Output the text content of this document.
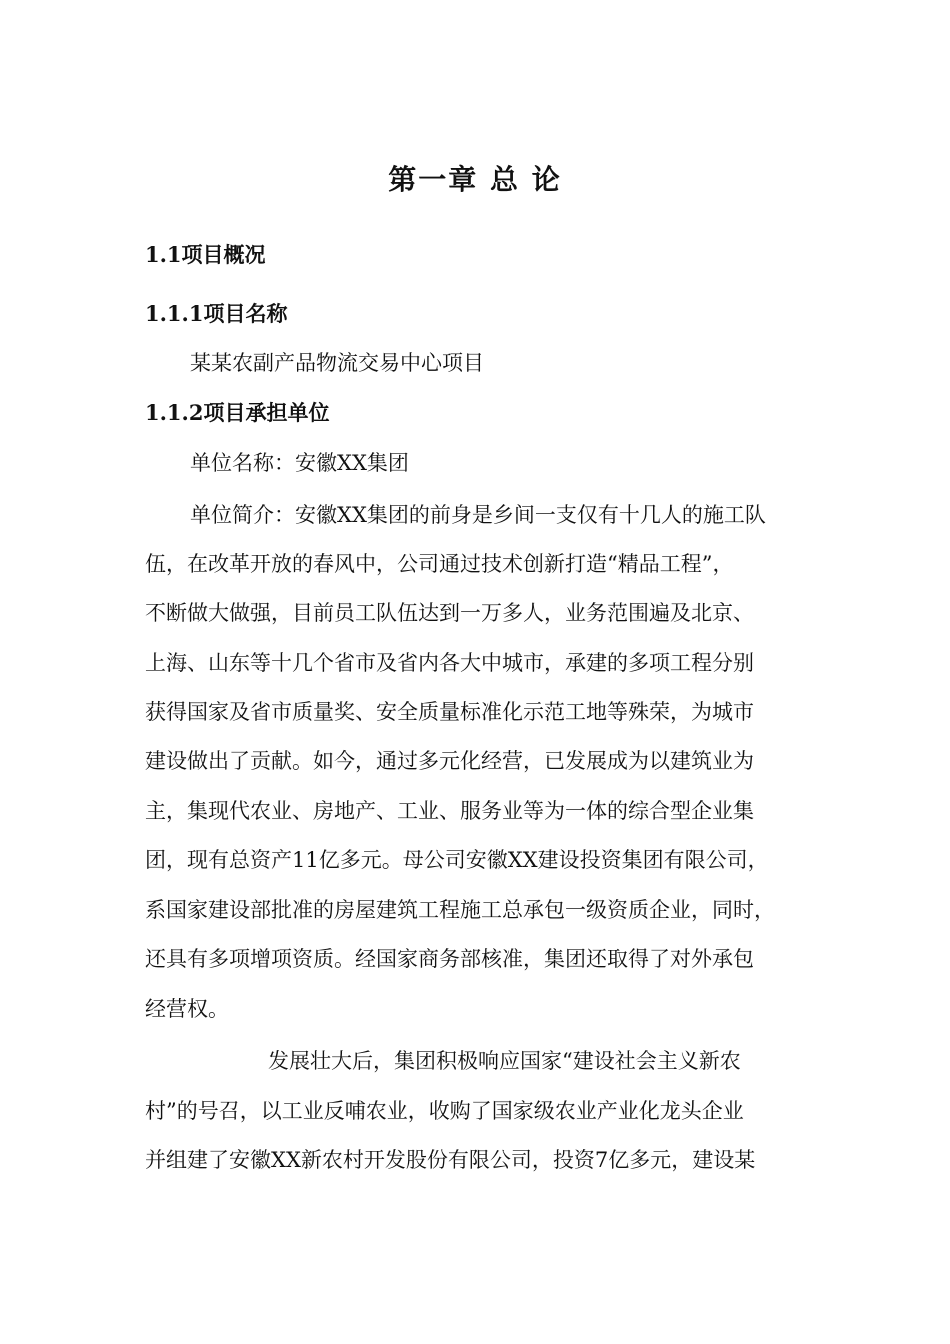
第一章 总 论
1.1项目概况
1.1.1项目名称
某某农副产品物流交易中心项目
1.1.2项目承担单位
单位名称：安徽XX集团
单位简介：安徽XX集团的前身是乡间一支仅有十几人的施工队
伍，在改革开放的春风中，公司通过技术创新打造“精品工程”，
不断做大做强，目前员工队伍达到一万多人，业务范围遍及北京、
上海、山东等十几个省市及省内各大中城市，承建的多项工程分别
获得国家及省市质量奖、安全质量标准化示范工地等殊荣，为城市
建设做出了贡献。如今，通过多元化经营，已发展成为以建筑业为
主，集现代农业、房地产、工业、服务业等为一体的综合型企业集
团，现有总资产11亿多元。母公司安徽XX建设投资集团有限公司，
系国家建设部批准的房屋建筑工程施工总承包一级资质企业，同时，
还具有多项增项资质。经国家商务部核准，集团还取得了对外承包
经营权。
发展壮大后，集团积极响应国家“建设社会主义新农
村”的号召，以工业反哺农业，收购了国家级农业产业化龙头企业
并组建了安徽XX新农村开发股份有限公司，投资7亿多元，建设某
